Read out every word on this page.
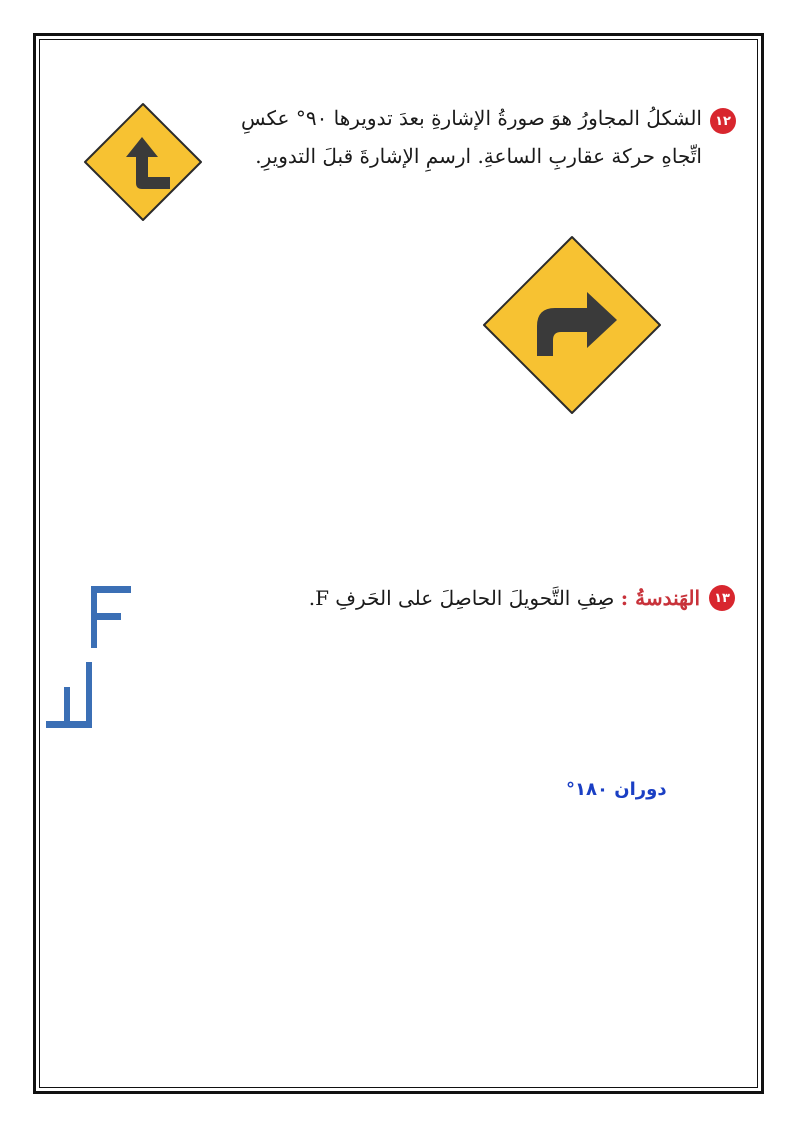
١٢
الشكلُ المجاورُ هوَ صورةُ الإشارةِ بعدَ تدويرها ٩٠° عكسِ
اتِّجاهِ حركة عقاربِ الساعةِ. ارسمِ الإشارةَ قبلَ التدويرِ.
١٣
الهَندسةُ : صِفِ التَّحويلَ الحاصِلَ على الحَرفِ F.
دوران ١٨٠°
